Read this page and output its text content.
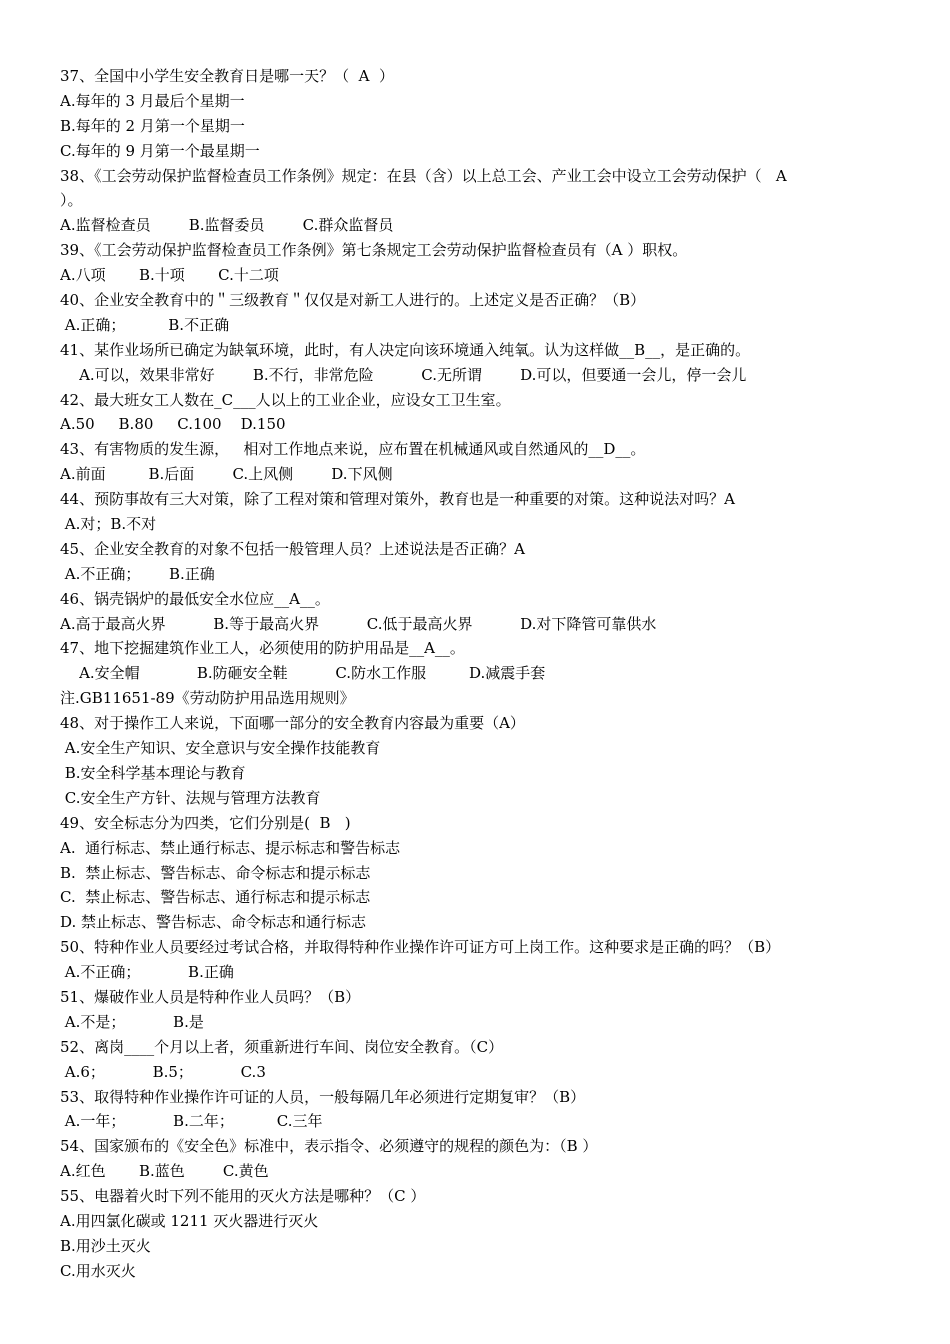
37、全国中小学生安全教育日是哪一天？（  A  ）
A.每年的 3 月最后个星期一
B.每年的 2 月第一个星期一
C.每年的 9 月第一个最星期一
38、《工会劳动保护监督检查员工作条例》规定：在县（含）以上总工会、产业工会中设立工会劳动保护（   A
）。
A.监督检查员        B.监督委员        C.群众监督员
39、《工会劳动保护监督检查员工作条例》第七条规定工会劳动保护监督检查员有（A ）职权。
A.八项       B.十项       C.十二项
40、企业安全教育中的＂三级教育＂仅仅是对新工人进行的。上述定义是否正确？（B）
A.正确；         B.不正确
41、某作业场所已确定为缺氧环境，此时，有人决定向该环境通入纯氧。认为这样做__B__，是正确的。
A.可以，效果非常好        B.不行，非常危险          C.无所谓        D.可以，但要通一会儿，停一会儿
42、最大班女工人数在_C___人以上的工业企业，应设女工卫生室。
A.50     B.80     C.100    D.150
43、有害物质的发生源，   相对工作地点来说，应布置在机械通风或自然通风的__D__。
A.前面         B.后面        C.上风侧        D.下风侧
44、预防事故有三大对策，除了工程对策和管理对策外，教育也是一种重要的对策。这种说法对吗？A
A.对；B.不对
45、企业安全教育的对象不包括一般管理人员？上述说法是否正确？A
A.不正确；      B.正确
46、锅壳锅炉的最低安全水位应__A__。
A.高于最高火界          B.等于最高火界          C.低于最高火界          D.对下降管可靠供水
47、地下挖掘建筑作业工人，必须使用的防护用品是__A__。
A.安全帽            B.防砸安全鞋          C.防水工作服         D.减震手套
注.GB11651-89《劳动防护用品选用规则》
48、对于操作工人来说，下面哪一部分的安全教育内容最为重要（A）
A.安全生产知识、安全意识与安全操作技能教育
B.安全科学基本理论与教育
C.安全生产方针、法规与管理方法教育
49、安全标志分为四类，它们分别是(  B   )
A.  通行标志、禁止通行标志、提示标志和警告标志
B.  禁止标志、警告标志、命令标志和提示标志
C.  禁止标志、警告标志、通行标志和提示标志
D. 禁止标志、警告标志、命令标志和通行标志
50、特种作业人员要经过考试合格，并取得特种作业操作许可证方可上岗工作。这种要求是正确的吗？（B）
A.不正确；          B.正确
51、爆破作业人员是特种作业人员吗？（B）
A.不是；          B.是
52、离岗____个月以上者，须重新进行车间、岗位安全教育。（C）
A.6；          B.5；          C.3
53、取得特种作业操作许可证的人员，一般每隔几年必须进行定期复审？（B）
A.一年；          B.二年；         C.三年
54、国家颁布的《安全色》标准中，表示指令、必须遵守的规程的颜色为：（B ）
A.红色       B.蓝色        C.黄色
55、电器着火时下列不能用的灭火方法是哪种？（C ）
A.用四氯化碳或 1211 灭火器进行灭火
B.用沙土灭火
C.用水灭火
